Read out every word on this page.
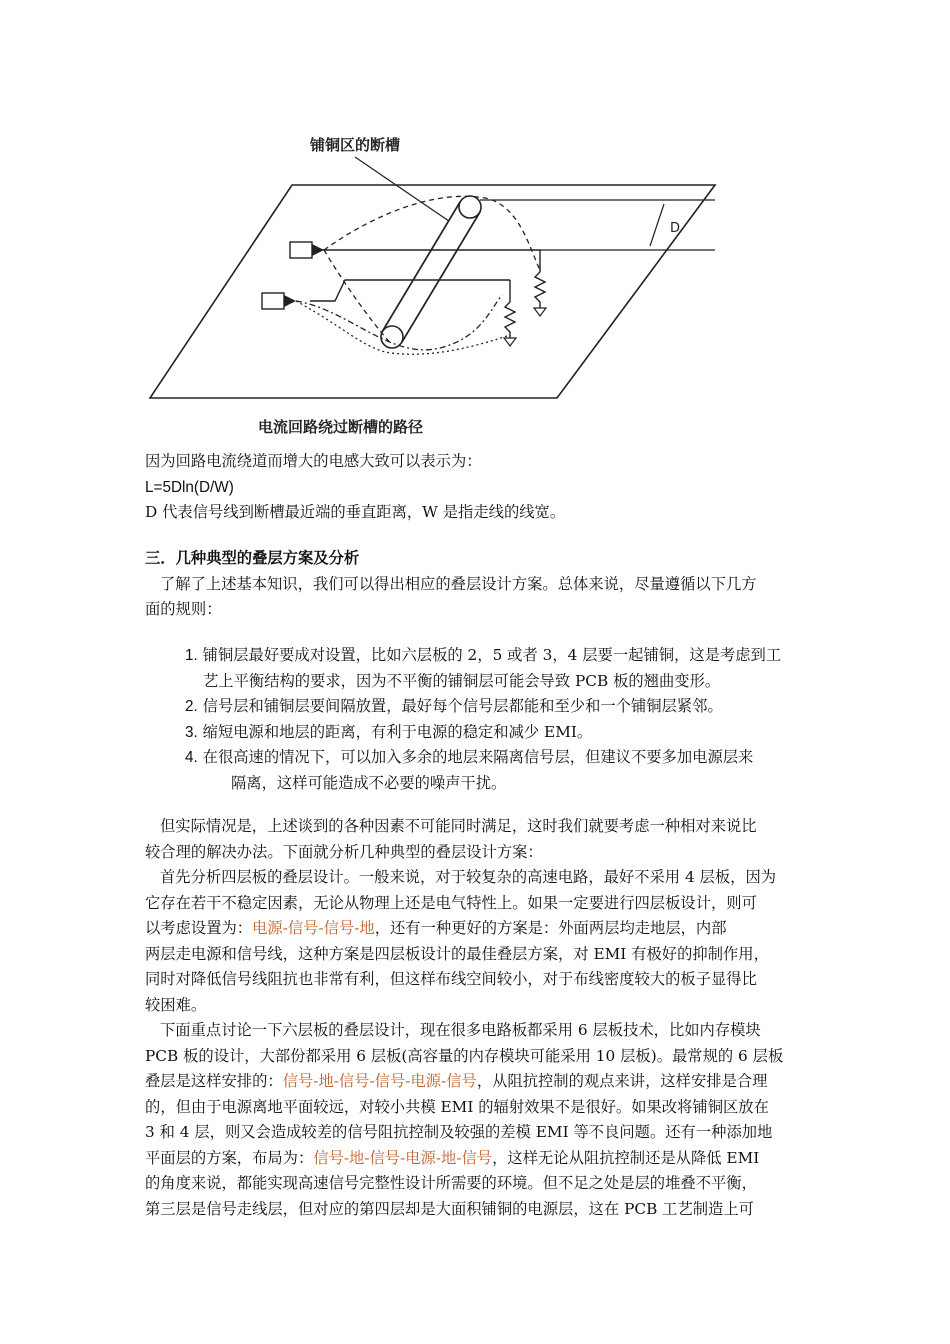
铺铜区的断槽
D
电流回路绕过断槽的路径
因为回路电流绕道而增大的电感大致可以表示为：
L=5Dln(D/W)
D 代表信号线到断槽最近端的垂直距离，W 是指走线的线宽。
三．几种典型的叠层方案及分析
了解了上述基本知识，我们可以得出相应的叠层设计方案。总体来说，尽量遵循以下几方
面的规则：
1. 铺铜层最好要成对设置，比如六层板的 2，5 或者 3，4 层要一起铺铜，这是考虑到工
艺上平衡结构的要求，因为不平衡的铺铜层可能会导致 PCB 板的翘曲变形。
2. 信号层和铺铜层要间隔放置，最好每个信号层都能和至少和一个铺铜层紧邻。
3. 缩短电源和地层的距离，有利于电源的稳定和减少 EMI。
4. 在很高速的情况下，可以加入多余的地层来隔离信号层，但建议不要多加电源层来
隔离，这样可能造成不必要的噪声干扰。
但实际情况是，上述谈到的各种因素不可能同时满足，这时我们就要考虑一种相对来说比
较合理的解决办法。下面就分析几种典型的叠层设计方案：
首先分析四层板的叠层设计。一般来说，对于较复杂的高速电路，最好不采用 4 层板，因为
它存在若干不稳定因素，无论从物理上还是电气特性上。如果一定要进行四层板设计，则可
以考虑设置为：电源-信号-信号-地，还有一种更好的方案是：外面两层均走地层，内部
两层走电源和信号线，这种方案是四层板设计的最佳叠层方案，对 EMI 有极好的抑制作用，
同时对降低信号线阻抗也非常有利，但这样布线空间较小，对于布线密度较大的板子显得比
较困难。
下面重点讨论一下六层板的叠层设计，现在很多电路板都采用 6 层板技术，比如内存模块
PCB 板的设计，大部份都采用 6 层板(高容量的内存模块可能采用 10 层板)。最常规的 6 层板
叠层是这样安排的：信号-地-信号-信号-电源-信号，从阻抗控制的观点来讲，这样安排是合理
的，但由于电源离地平面较远，对较小共模 EMI 的辐射效果不是很好。如果改将铺铜区放在
3 和 4 层，则又会造成较差的信号阻抗控制及较强的差模 EMI 等不良问题。还有一种添加地
平面层的方案，布局为：信号-地-信号-电源-地-信号，这样无论从阻抗控制还是从降低 EMI
的角度来说，都能实现高速信号完整性设计所需要的环境。但不足之处是层的堆叠不平衡，
第三层是信号走线层，但对应的第四层却是大面积铺铜的电源层，这在 PCB 工艺制造上可
